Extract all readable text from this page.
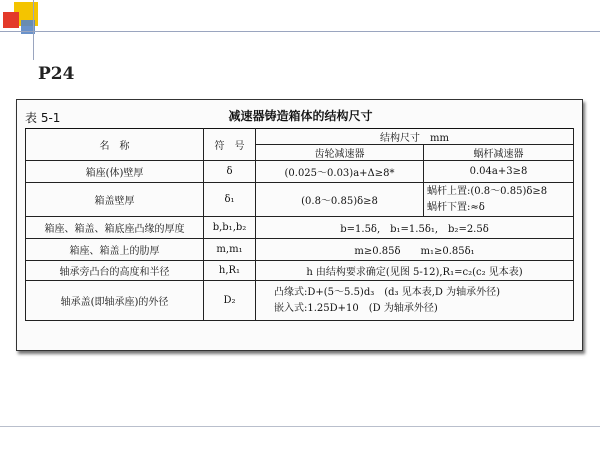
P24
表 5-1	减速器铸造箱体的结构尺寸
名　称	符　号	结构尺寸　mm	
		齿轮减速器	蜗杆减速器
箱座(体)壁厚	δ	(0.025～0.03)a+Δ≥8*	0.04a+3≥8
箱盖壁厚	δ₁	(0.8～0.85)δ≥8	蜗杆上置:(0.8～0.85)δ≥8
蜗杆下置:≈δ

箱座、箱盖、箱底座凸缘的厚度	b,b₁,b₂	b=1.5δ,　b₁=1.5δ₁,　b₂=2.5δ	
箱座、箱盖上的肋厚	m,m₁	m≥0.85δ　　m₁≥0.85δ₁	
轴承旁凸台的高度和半径	h,R₁	h 由结构要求确定(见图 5-12),R₁=c₂(c₂ 见本表)	
轴承盖(即轴承座)的外径	D₂	凸缘式:D+(5～5.5)d₃　(d₃ 见本表,D 为轴承外径)
嵌入式:1.25D+10　(D 为轴承外径)	
